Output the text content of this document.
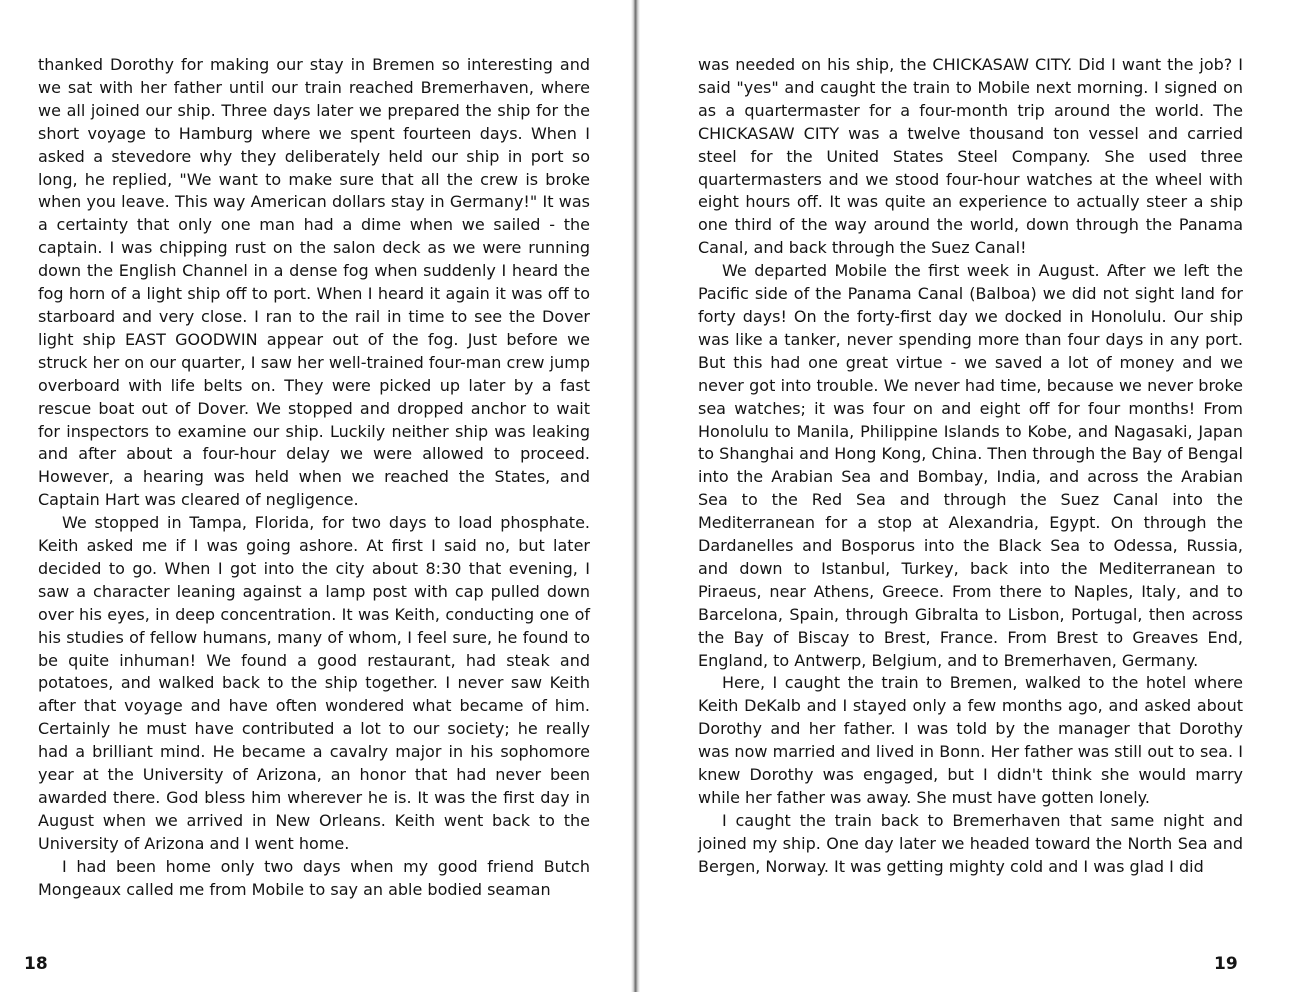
thanked Dorothy for making our stay in Bremen so interesting and we sat with her father until our train reached Bremerhaven, where we all joined our ship. Three days later we prepared the ship for the short voyage to Hamburg where we spent fourteen days. When I asked a stevedore why they deliberately held our ship in port so long, he replied, "We want to make sure that all the crew is broke when you leave. This way American dollars stay in Germany!" It was a certainty that only one man had a dime when we sailed - the captain. I was chipping rust on the salon deck as we were running down the English Channel in a dense fog when suddenly I heard the fog horn of a light ship off to port. When I heard it again it was off to starboard and very close. I ran to the rail in time to see the Dover light ship EAST GOODWIN appear out of the fog. Just before we struck her on our quarter, I saw her well-trained four-man crew jump overboard with life belts on. They were picked up later by a fast rescue boat out of Dover. We stopped and dropped anchor to wait for inspectors to examine our ship. Luckily neither ship was leaking and after about a four-hour delay we were allowed to proceed. However, a hearing was held when we reached the States, and Captain Hart was cleared of negligence.

We stopped in Tampa, Florida, for two days to load phosphate. Keith asked me if I was going ashore. At first I said no, but later decided to go. When I got into the city about 8:30 that evening, I saw a character leaning against a lamp post with cap pulled down over his eyes, in deep concentration. It was Keith, conducting one of his studies of fellow humans, many of whom, I feel sure, he found to be quite inhuman! We found a good restaurant, had steak and potatoes, and walked back to the ship together. I never saw Keith after that voyage and have often wondered what became of him. Certainly he must have contributed a lot to our society; he really had a brilliant mind. He became a cavalry major in his sophomore year at the University of Arizona, an honor that had never been awarded there. God bless him wherever he is. It was the first day in August when we arrived in New Orleans. Keith went back to the University of Arizona and I went home.

I had been home only two days when my good friend Butch Mongeaux called me from Mobile to say an able bodied seaman

18

was needed on his ship, the CHICKASAW CITY. Did I want the job? I said "yes" and caught the train to Mobile next morning. I signed on as a quartermaster for a four-month trip around the world. The CHICKASAW CITY was a twelve thousand ton vessel and carried steel for the United States Steel Company. She used three quartermasters and we stood four-hour watches at the wheel with eight hours off. It was quite an experience to actually steer a ship one third of the way around the world, down through the Panama Canal, and back through the Suez Canal!

We departed Mobile the first week in August. After we left the Pacific side of the Panama Canal (Balboa) we did not sight land for forty days! On the forty-first day we docked in Honolulu. Our ship was like a tanker, never spending more than four days in any port. But this had one great virtue - we saved a lot of money and we never got into trouble. We never had time, because we never broke sea watches; it was four on and eight off for four months! From Honolulu to Manila, Philippine Islands to Kobe, and Nagasaki, Japan to Shanghai and Hong Kong, China. Then through the Bay of Bengal into the Arabian Sea and Bombay, India, and across the Arabian Sea to the Red Sea and through the Suez Canal into the Mediterranean for a stop at Alexandria, Egypt. On through the Dardanelles and Bosporus into the Black Sea to Odessa, Russia, and down to Istanbul, Turkey, back into the Mediterranean to Piraeus, near Athens, Greece. From there to Naples, Italy, and to Barcelona, Spain, through Gibralta to Lisbon, Portugal, then across the Bay of Biscay to Brest, France. From Brest to Greaves End, England, to Antwerp, Belgium, and to Bremerhaven, Germany.

Here, I caught the train to Bremen, walked to the hotel where Keith DeKalb and I stayed only a few months ago, and asked about Dorothy and her father. I was told by the manager that Dorothy was now married and lived in Bonn. Her father was still out to sea. I knew Dorothy was engaged, but I didn't think she would marry while her father was away. She must have gotten lonely.

I caught the train back to Bremerhaven that same night and joined my ship. One day later we headed toward the North Sea and Bergen, Norway. It was getting mighty cold and I was glad I did

19
